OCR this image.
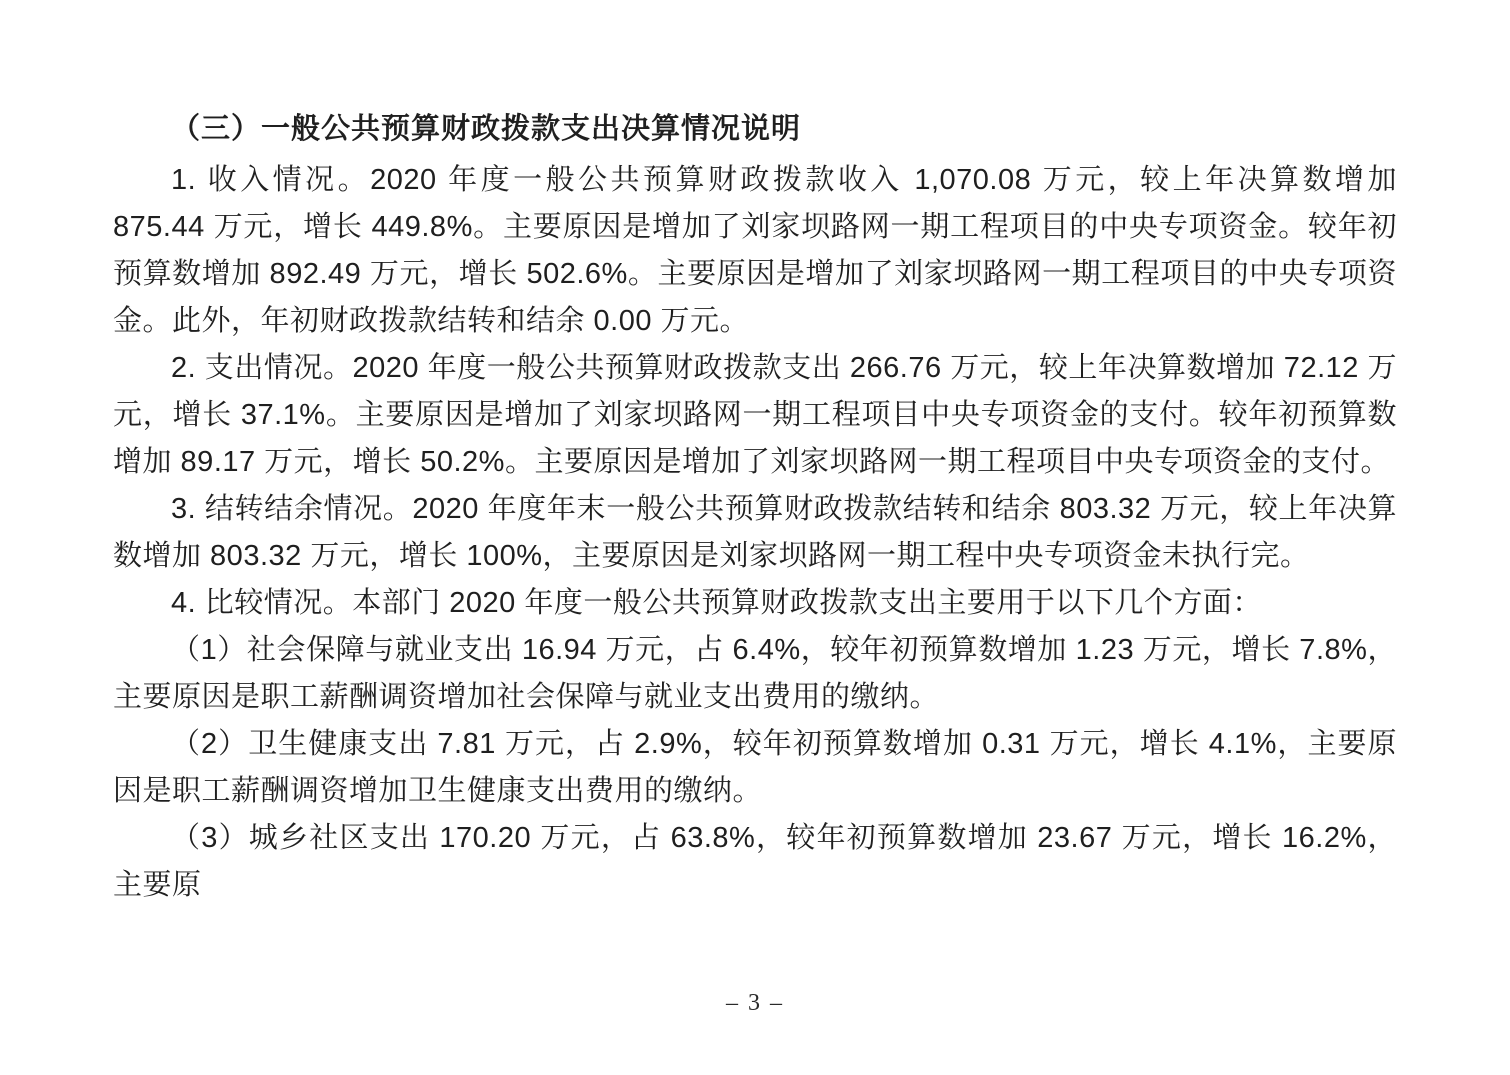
（三）一般公共预算财政拨款支出决算情况说明

1. 收入情况。2020 年度一般公共预算财政拨款收入 1,070.08 万元，较上年决算数增加 875.44 万元，增长 449.8%。主要原因是增加了刘家坝路网一期工程项目的中央专项资金。较年初预算数增加 892.49 万元，增长 502.6%。主要原因是增加了刘家坝路网一期工程项目的中央专项资金。此外，年初财政拨款结转和结余 0.00 万元。

2. 支出情况。2020 年度一般公共预算财政拨款支出 266.76 万元，较上年决算数增加 72.12 万元，增长 37.1%。主要原因是增加了刘家坝路网一期工程项目中央专项资金的支付。较年初预算数增加 89.17 万元，增长 50.2%。主要原因是增加了刘家坝路网一期工程项目中央专项资金的支付。

3. 结转结余情况。2020 年度年末一般公共预算财政拨款结转和结余 803.32 万元，较上年决算数增加 803.32 万元，增长 100%，主要原因是刘家坝路网一期工程中央专项资金未执行完。

4. 比较情况。本部门 2020 年度一般公共预算财政拨款支出主要用于以下几个方面：

（1）社会保障与就业支出 16.94 万元，占 6.4%，较年初预算数增加 1.23 万元，增长 7.8%，主要原因是职工薪酬调资增加社会保障与就业支出费用的缴纳。

（2）卫生健康支出 7.81 万元，占 2.9%，较年初预算数增加 0.31 万元，增长 4.1%，主要原因是职工薪酬调资增加卫生健康支出费用的缴纳。

（3）城乡社区支出 170.20 万元，占 63.8%，较年初预算数增加 23.67 万元，增长 16.2%，主要原

– 3 –
